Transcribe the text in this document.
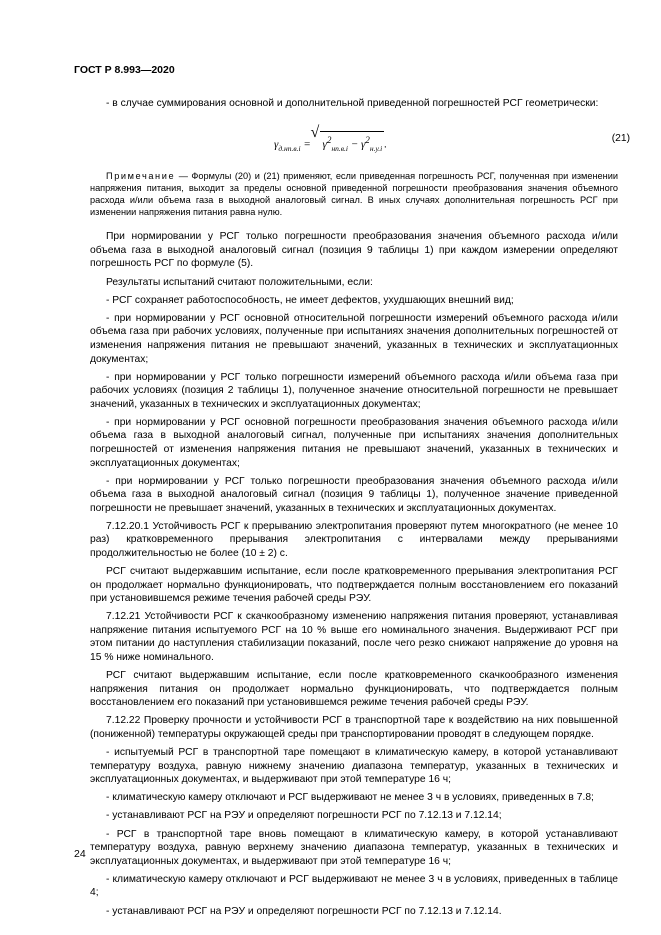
ГОСТ Р 8.993—2020

- в случае суммирования основной и дополнительной приведенной погрешностей РСГ геометрически:

$\gamma_{д.нп.в.i}$ = √ $\gamma^2_{нп.в.i} - \gamma^2_{н.у.i}$ .
(21)

Примечание — Формулы (20) и (21) применяют, если приведенная погрешность РСГ, полученная при изменении напряжения питания, выходит за пределы основной приведенной погрешности преобразования значения объемного расхода и/или объема газа в выходной аналоговый сигнал. В иных случаях дополнительная погрешность РСГ при изменении напряжения питания равна нулю.

При нормировании у РСГ только погрешности преобразования значения объемного расхода и/или объема газа в выходной аналоговый сигнал (позиция 9 таблицы 1) при каждом измерении определяют погрешность РСГ по формуле (5).

Результаты испытаний считают положительными, если:

- РСГ сохраняет работоспособность, не имеет дефектов, ухудшающих внешний вид;

- при нормировании у РСГ основной относительной погрешности измерений объемного расхода и/или объема газа при рабочих условиях, полученные при испытаниях значения дополнительных погрешностей от изменения напряжения питания не превышают значений, указанных в технических и эксплуатационных документах;

- при нормировании у РСГ только погрешности измерений объемного расхода и/или объема газа при рабочих условиях (позиция 2 таблицы 1), полученное значение относительной погрешности не превышает значений, указанных в технических и эксплуатационных документах;

- при нормировании у РСГ основной погрешности преобразования значения объемного расхода и/или объема газа в выходной аналоговый сигнал, полученные при испытаниях значения дополнительных погрешностей от изменения напряжения питания не превышают значений, указанных в технических и эксплуатационных документах;

- при нормировании у РСГ только погрешности преобразования значения объемного расхода и/или объема газа в выходной аналоговый сигнал (позиция 9 таблицы 1), полученное значение приведенной погрешности не превышает значений, указанных в технических и эксплуатационных документах.

7.12.20.1 Устойчивость РСГ к прерыванию электропитания проверяют путем многократного (не менее 10 раз) кратковременного прерывания электропитания с интервалами между прерываниями продолжительностью не более (10 ± 2) с.

РСГ считают выдержавшим испытание, если после кратковременного прерывания электропитания РСГ он продолжает нормально функционировать, что подтверждается полным восстановлением его показаний при установившемся режиме течения рабочей среды РЭУ.

7.12.21 Устойчивости РСГ к скачкообразному изменению напряжения питания проверяют, устанавливая напряжение питания испытуемого РСГ на 10 % выше его номинального значения. Выдерживают РСГ при этом питании до наступления стабилизации показаний, после чего резко снижают напряжение до уровня на 15 % ниже номинального.

РСГ считают выдержавшим испытание, если после кратковременного скачкообразного изменения напряжения питания он продолжает нормально функционировать, что подтверждается полным восстановлением его показаний при установившемся режиме течения рабочей среды РЭУ.

7.12.22 Проверку прочности и устойчивости РСГ в транспортной таре к воздействию на них повышенной (пониженной) температуры окружающей среды при транспортировании проводят в следующем порядке.

- испытуемый РСГ в транспортной таре помещают в климатическую камеру, в которой устанавливают температуру воздуха, равную нижнему значению диапазона температур, указанных в технических и эксплуатационных документах, и выдерживают при этой температуре 16 ч;

- климатическую камеру отключают и РСГ выдерживают не менее 3 ч в условиях, приведенных в 7.8;

- устанавливают РСГ на РЭУ и определяют погрешности РСГ по 7.12.13 и 7.12.14;

- РСГ в транспортной таре вновь помещают в климатическую камеру, в которой устанавливают температуру воздуха, равную верхнему значению диапазона температур, указанных в технических и эксплуатационных документах, и выдерживают при этой температуре 16 ч;

- климатическую камеру отключают и РСГ выдерживают не менее 3 ч в условиях, приведенных в таблице 4;

- устанавливают РСГ на РЭУ и определяют погрешности РСГ по 7.12.13 и 7.12.14.

24
